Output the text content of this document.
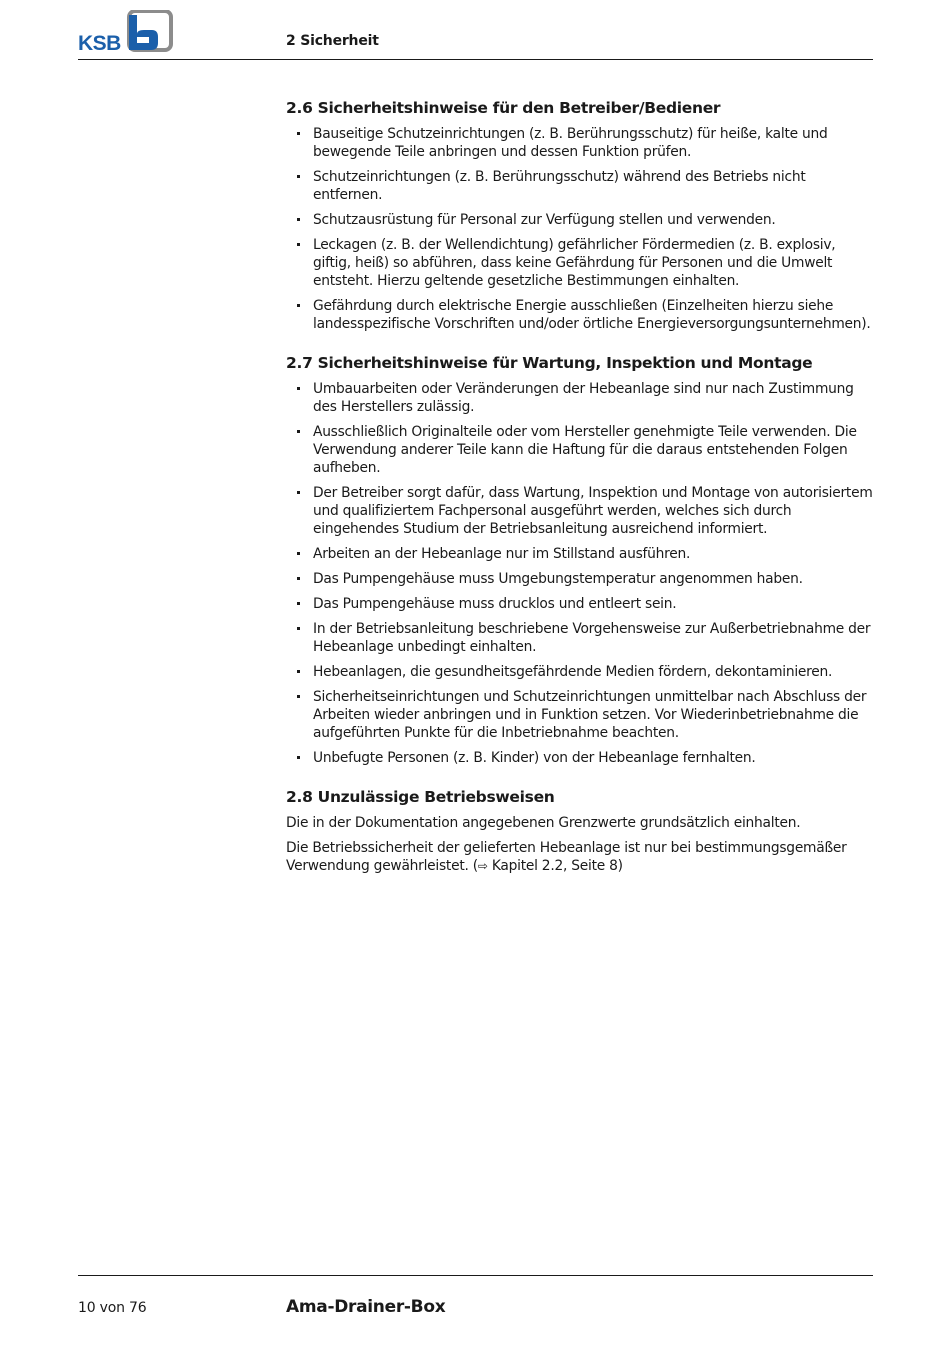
KSB	2 Sicherheit
2.6 Sicherheitshinweise für den Betreiber/Bediener
Bauseitige Schutzeinrichtungen (z. B. Berührungsschutz) für heiße, kalte und bewegende Teile anbringen und dessen Funktion prüfen.
Schutzeinrichtungen (z. B. Berührungsschutz) während des Betriebs nicht entfernen.
Schutzausrüstung für Personal zur Verfügung stellen und verwenden.
Leckagen (z. B. der Wellendichtung) gefährlicher Fördermedien (z. B. explosiv, giftig, heiß) so abführen, dass keine Gefährdung für Personen und die Umwelt entsteht. Hierzu geltende gesetzliche Bestimmungen einhalten.
Gefährdung durch elektrische Energie ausschließen (Einzelheiten hierzu siehe landesspezifische Vorschriften und/oder örtliche Energieversorgungsunternehmen).
2.7 Sicherheitshinweise für Wartung, Inspektion und Montage
Umbauarbeiten oder Veränderungen der Hebeanlage sind nur nach Zustimmung des Herstellers zulässig.
Ausschließlich Originalteile oder vom Hersteller genehmigte Teile verwenden. Die Verwendung anderer Teile kann die Haftung für die daraus entstehenden Folgen aufheben.
Der Betreiber sorgt dafür, dass Wartung, Inspektion und Montage von autorisiertem und qualifiziertem Fachpersonal ausgeführt werden, welches sich durch eingehendes Studium der Betriebsanleitung ausreichend informiert.
Arbeiten an der Hebeanlage nur im Stillstand ausführen.
Das Pumpengehäuse muss Umgebungstemperatur angenommen haben.
Das Pumpengehäuse muss drucklos und entleert sein.
In der Betriebsanleitung beschriebene Vorgehensweise zur Außerbetriebnahme der Hebeanlage unbedingt einhalten.
Hebeanlagen, die gesundheitsgefährdende Medien fördern, dekontaminieren.
Sicherheitseinrichtungen und Schutzeinrichtungen unmittelbar nach Abschluss der Arbeiten wieder anbringen und in Funktion setzen. Vor Wiederinbetriebnahme die aufgeführten Punkte für die Inbetriebnahme beachten.
Unbefugte Personen (z. B. Kinder) von der Hebeanlage fernhalten.
2.8 Unzulässige Betriebsweisen

Die in der Dokumentation angegebenen Grenzwerte grundsätzlich einhalten.

Die Betriebssicherheit der gelieferten Hebeanlage ist nur bei bestimmungsgemäßer Verwendung gewährleistet. (⇨ Kapitel 2.2, Seite 8)

10 von 76	Ama-Drainer-Box
